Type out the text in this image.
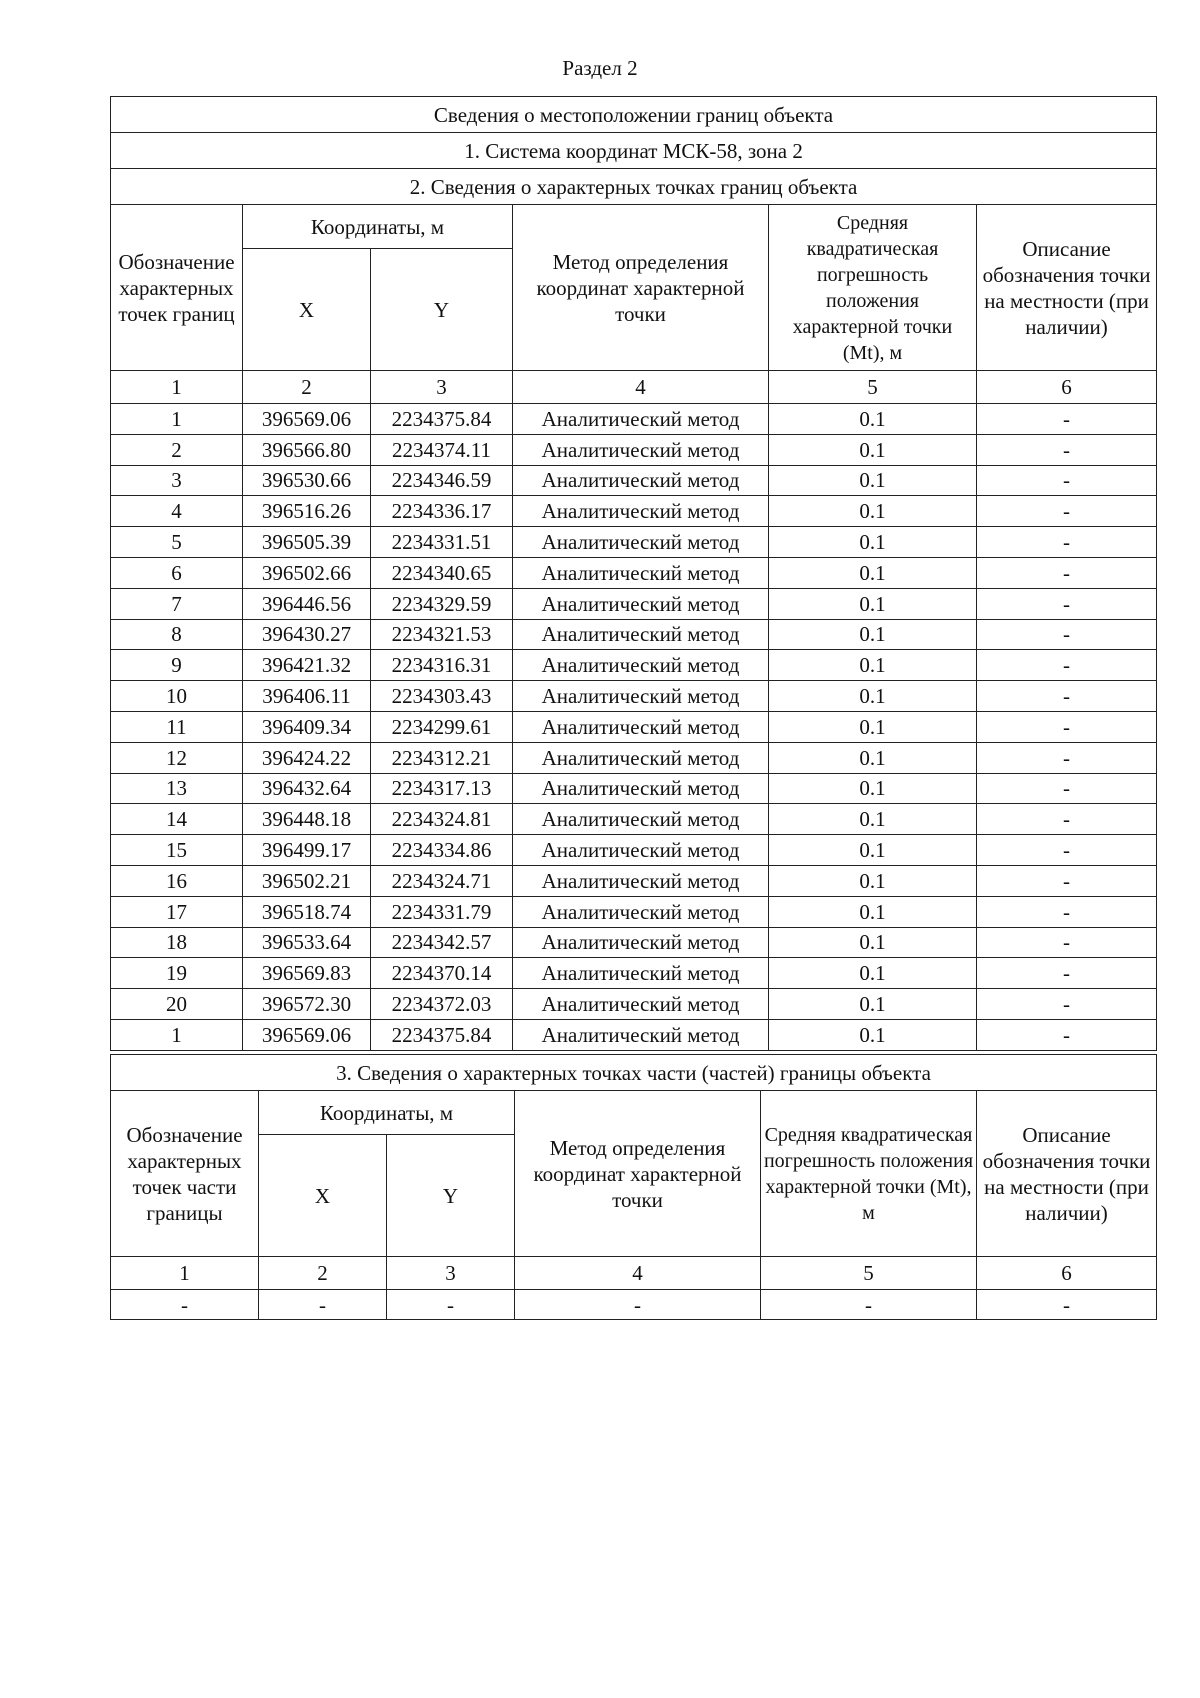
Раздел 2
Сведения о местоположении границ объекта					
1. Система координат МСК-58, зона 2					
2. Сведения о характерных точках границ объекта					
Обозначение характерных точек границ	Координаты, м		Метод определения координат характерной точки	Средняя квадратическая погрешность положения характерной точки (Mt), м	Описание обозначения точки на местности (при наличии)
	X	Y			
1	2	3	4	5	6
1	396569.06	2234375.84	Аналитический метод	0.1	-
2	396566.80	2234374.11	Аналитический метод	0.1	-
3	396530.66	2234346.59	Аналитический метод	0.1	-
4	396516.26	2234336.17	Аналитический метод	0.1	-
5	396505.39	2234331.51	Аналитический метод	0.1	-
6	396502.66	2234340.65	Аналитический метод	0.1	-
7	396446.56	2234329.59	Аналитический метод	0.1	-
8	396430.27	2234321.53	Аналитический метод	0.1	-
9	396421.32	2234316.31	Аналитический метод	0.1	-
10	396406.11	2234303.43	Аналитический метод	0.1	-
11	396409.34	2234299.61	Аналитический метод	0.1	-
12	396424.22	2234312.21	Аналитический метод	0.1	-
13	396432.64	2234317.13	Аналитический метод	0.1	-
14	396448.18	2234324.81	Аналитический метод	0.1	-
15	396499.17	2234334.86	Аналитический метод	0.1	-
16	396502.21	2234324.71	Аналитический метод	0.1	-
17	396518.74	2234331.79	Аналитический метод	0.1	-
18	396533.64	2234342.57	Аналитический метод	0.1	-
19	396569.83	2234370.14	Аналитический метод	0.1	-
20	396572.30	2234372.03	Аналитический метод	0.1	-
1	396569.06	2234375.84	Аналитический метод	0.1	-
3. Сведения о характерных точках части (частей) границы объекта					
Обозначение характерных точек части границы	Координаты, м		Метод определения координат характерной точки	Средняя квадратическая погрешность положения характерной точки (Mt), м	Описание обозначения точки на местности (при наличии)
	X	Y			
1	2	3	4	5	6
-	-	-	-	-	-
